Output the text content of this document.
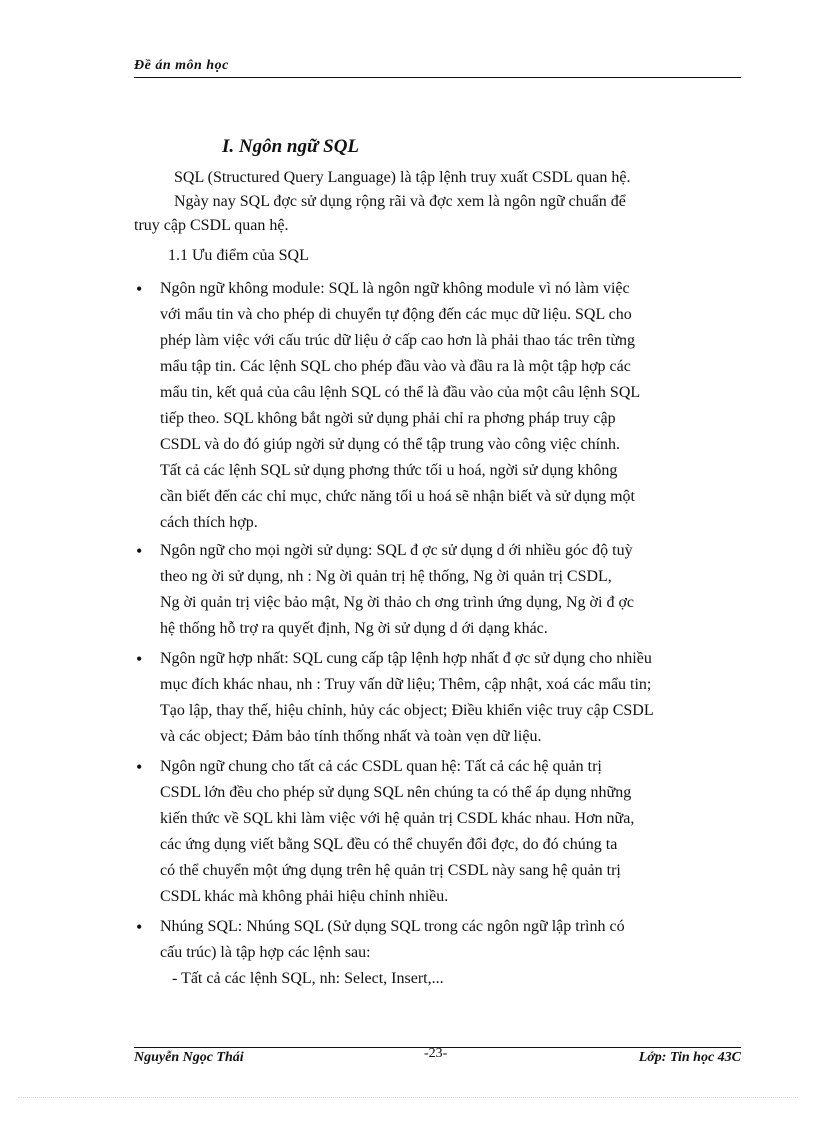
Đề án môn học
I. Ngôn ngữ SQL
SQL (Structured Query Language) là tập lệnh truy xuất CSDL quan hệ.
Ngày nay SQL đợc sử dụng rộng rãi và đợc xem là ngôn ngữ chuẩn để
truy cập CSDL quan hệ.
1.1 Ưu điểm của SQL
• Ngôn ngữ không module: SQL là ngôn ngữ không module vì nó làm việc
với mẩu tin và cho phép di chuyển tự động đến các mục dữ liệu. SQL cho
phép làm việc với cấu trúc dữ liệu ở cấp cao hơn là phải thao tác trên từng
mẩu tập tin. Các lệnh SQL cho phép đầu vào và đầu ra là một tập hợp các
mẩu tin, kết quả của câu lệnh SQL có thể là đầu vào của một câu lệnh SQL
tiếp theo. SQL không bắt ngời sử dụng phải chỉ ra phơng pháp truy cập
CSDL và do đó giúp ngời sử dụng có thể tập trung vào công việc chính.
Tất cả các lệnh SQL sử dụng phơng thức tối u hoá, ngời sử dụng không
cần biết đến các chỉ mục, chức năng tối u hoá sẽ nhận biết và sử dụng một
cách thích hợp.
• Ngôn ngữ cho mọi ngời sử dụng: SQL đ ợc sử dụng d ới nhiều góc độ tuỳ
theo ng ời sử dụng, nh : Ng ời quản trị hệ thống, Ng ời quản trị CSDL,
Ng ời quản trị việc bảo mật, Ng ời thảo ch ơng trình ứng dụng, Ng ời đ ợc
hệ thống hỗ trợ ra quyết định, Ng ời sử dụng d ới dạng khác.
• Ngôn ngữ hợp nhất: SQL cung cấp tập lệnh hợp nhất đ ợc sử dụng cho nhiều
mục đích khác nhau, nh : Truy vấn dữ liệu; Thêm, cập nhật, xoá các mẩu tin;
Tạo lập, thay thế, hiệu chỉnh, hủy các object; Điều khiển việc truy cập CSDL
và các object; Đảm bảo tính thống nhất và toàn vẹn dữ liệu.
• Ngôn ngữ chung cho tất cả các CSDL quan hệ: Tất cả các hệ quản trị
CSDL lớn đều cho phép sử dụng SQL nên chúng ta có thể áp dụng những
kiến thức về SQL khi làm việc với hệ quản trị CSDL khác nhau. Hơn nữa,
các ứng dụng viết bằng SQL đều có thể chuyển đổi đợc, do đó chúng ta
có thể chuyển một ứng dụng trên hệ quản trị CSDL này sang hệ quản trị
CSDL khác mà không phải hiệu chỉnh nhiều.
• Nhúng SQL: Nhúng SQL (Sử dụng SQL trong các ngôn ngữ lập trình có
cấu trúc) là tập hợp các lệnh sau:
- Tất cả các lệnh SQL, nh: Select, Insert,...
Nguyễn Ngọc Thái	-23-	Lớp: Tin học 43C
